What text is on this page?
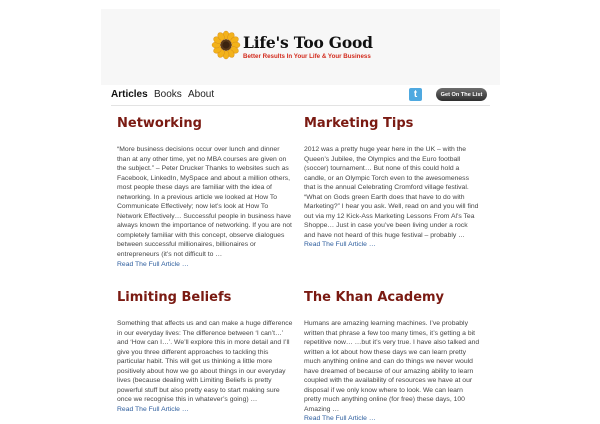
Life's Too Good
Better Results In Your Life & Your Business
Articles Books About	t	Get On The List
Networking

“More business decisions occur over lunch and dinner than at any other time, yet no MBA courses are given on the subject.” – Peter Drucker Thanks to websites such as Facebook, LinkedIn, MySpace and about a million others, most people these days are familiar with the idea of networking. In a previous article we looked at How To Communicate Effectively; now let’s look at How To Network Effectively… Successful people in business have always known the importance of networking. If you are not completely familiar with this concept, observe dialogues between successful millionaires, billionaires or entrepreneurs (it’s not difficult to …

Read The Full Article …
Marketing Tips

2012 was a pretty huge year here in the UK – with the Queen’s Jubilee, the Olympics and the Euro football (soccer) tournament… But none of this could hold a candle, or an Olympic Torch even to the awesomeness that is the annual Celebrating Cromford village festival. “What on Gods green Earth does that have to do with Marketing?” I hear you ask. Well, read on and you will find out via my 12 Kick-Ass Marketing Lessons From Al’s Tea Shoppe… Just in case you’ve been living under a rock and have not heard of this huge festival – probably …

Read The Full Article …
Limiting Beliefs

Something that affects us and can make a huge difference in our everyday lives: The difference between ‘I can’t…’ and ‘How can I…’. We’ll explore this in more detail and I’ll give you three different approaches to tackling this particular habit. This will get us thinking a little more positively about how we go about things in our everyday lives (because dealing with Limiting Beliefs is pretty powerful stuff but also pretty easy to start making sure once we recognise this in whatever’s going) …

Read The Full Article …
The Khan Academy

Humans are amazing learning machines. I’ve probably written that phrase a few too many times, it’s getting a bit repetitive now… …but it’s very true. I have also talked and written a lot about how these days we can learn pretty much anything online and can do things we never would have dreamed of because of our amazing ability to learn coupled with the availability of resources we have at our disposal if we only know where to look. We can learn pretty much anything online (for free) these days, 100 Amazing …

Read The Full Article …
